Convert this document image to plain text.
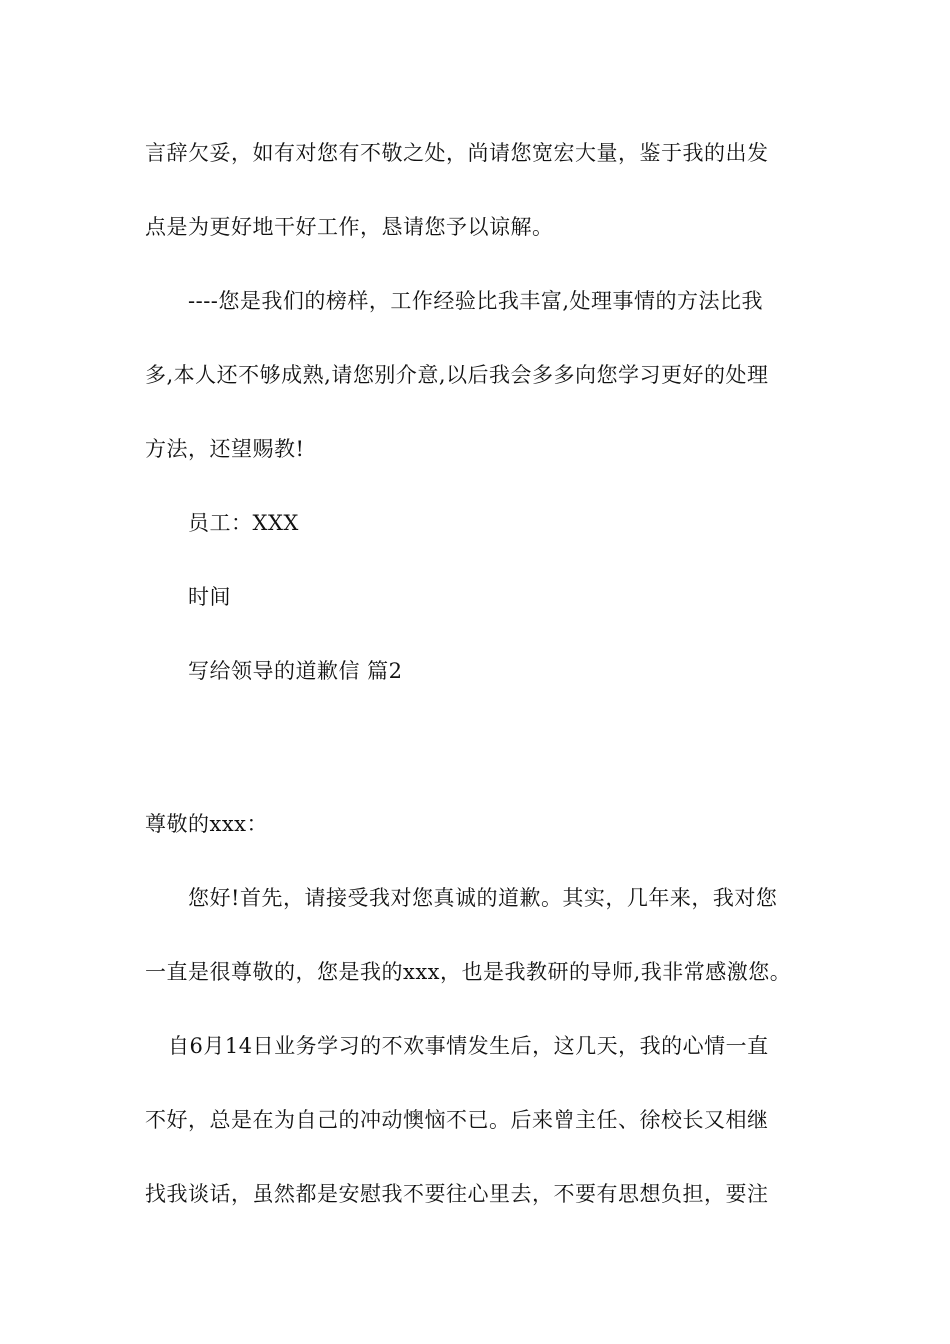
言辞欠妥，如有对您有不敬之处，尚请您宽宏大量，鉴于我的出发
点是为更好地干好工作，恳请您予以谅解。
----您是我们的榜样，工作经验比我丰富,处理事情的方法比我
多,本人还不够成熟,请您别介意,以后我会多多向您学习更好的处理
方法，还望赐教!
员工：XXX
时间
写给领导的道歉信 篇2
尊敬的xxx：
您好!首先，请接受我对您真诚的道歉。其实，几年来，我对您
一直是很尊敬的，您是我的xxx，也是我教研的导师,我非常感激您。
自6月14日业务学习的不欢事情发生后，这几天，我的心情一直
不好，总是在为自己的冲动懊恼不已。后来曾主任、徐校长又相继
找我谈话，虽然都是安慰我不要往心里去，不要有思想负担，要注
